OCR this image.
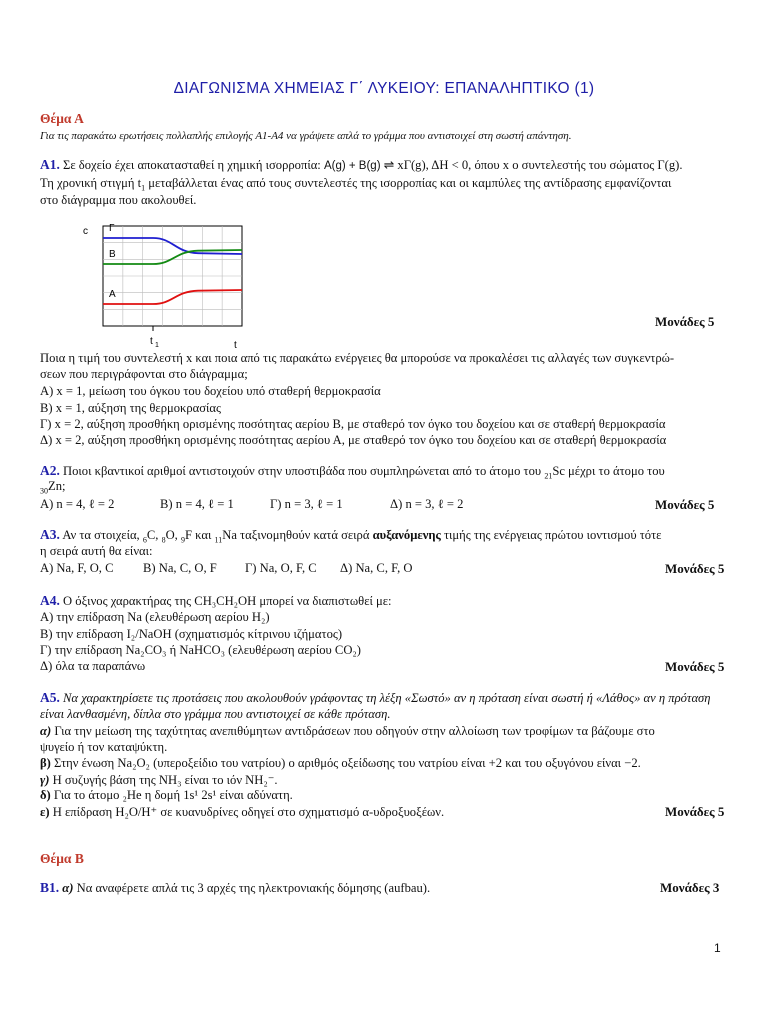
ΔΙΑΓΩΝΙΣΜΑ ΧΗΜΕΙΑΣ Γ΄ ΛΥΚΕΙΟΥ: ΕΠΑΝΑΛΗΠΤΙΚΟ (1)
Θέμα Α
Για τις παρακάτω ερωτήσεις πολλαπλής επιλογής Α1-Α4 να γράψετε απλά το γράμμα που αντιστοιχεί στη σωστή απάντηση.
Α1. Σε δοχείο έχει αποκατασταθεί η χημική ισορροπία: A(g) + B(g) ⇌ xΓ(g), ΔΗ < 0, όπου x ο συντελεστής του σώματος Γ(g).
Τη χρονική στιγμή $t_1$ μεταβάλλεται ένας από τους συντελεστές της ισορροπίας και οι καμπύλες της αντίδρασης εμφανίζονται
στο διάγραμμα που ακολουθεί.
Γ
Β
Α
c
t
t 1
Μονάδες 5
Ποια η τιμή του συντελεστή x και ποια από τις παρακάτω ενέργειες θα μπορούσε να προκαλέσει τις αλλαγές των συγκεντρώ-
σεων που περιγράφονται στο διάγραμμα;
Α) x = 1, μείωση του όγκου του δοχείου υπό σταθερή θερμοκρασία
Β) x = 1, αύξηση της θερμοκρασίας
Γ) x = 2, αύξηση προσθήκη ορισμένης ποσότητας αερίου Β, με σταθερό τον όγκο του δοχείου και σε σταθερή θερμοκρασία
Δ) x = 2, αύξηση προσθήκη ορισμένης ποσότητας αερίου Α, με σταθερό τον όγκο του δοχείου και σε σταθερή θερμοκρασία
Α2. Ποιοι κβαντικοί αριθμοί αντιστοιχούν στην υποστιβάδα που συμπληρώνεται από το άτομο του $_{21}$Sc μέχρι το άτομο του
$_{30}$Zn;
Α) n = 4, ℓ = 2	Β) n = 4, ℓ = 1	Γ) n = 3, ℓ = 1	Δ) n = 3, ℓ = 2	Μονάδες 5
Α3. Αν τα στοιχεία, $_6$C, $_8$O, $_9$F και $_{11}$Na ταξινομηθούν κατά σειρά αυξανόμενης τιμής της ενέργειας πρώτου ιοντισμού τότε
η σειρά αυτή θα είναι:
Α) Na, F, O, C Β) Na, C, O, F Γ) Na, O, F, C Δ) Na, C, F, O	Μονάδες 5
Α4. Ο όξινος χαρακτήρας της CH₃CH₂OH μπορεί να διαπιστωθεί με:
Α) την επίδραση Na (ελευθέρωση αερίου H₂)
Β) την επίδραση I₂/NaOH (σχηματισμός κίτρινου ιζήματος)
Γ) την επίδραση Na₂CO₃ ή NaHCO₃ (ελευθέρωση αερίου CO₂)
Δ) όλα τα παραπάνω	Μονάδες 5
Α5. Να χαρακτηρίσετε τις προτάσεις που ακολουθούν γράφοντας τη λέξη «Σωστό» αν η πρόταση είναι σωστή ή «Λάθος» αν η πρόταση
είναι λανθασμένη, δίπλα στο γράμμα που αντιστοιχεί σε κάθε πρόταση.
α) Για την μείωση της ταχύτητας ανεπιθύμητων αντιδράσεων που οδηγούν στην αλλοίωση των τροφίμων τα βάζουμε στο
ψυγείο ή τον καταψύκτη.
β) Στην ένωση Na₂O₂ (υπεροξείδιο του νατρίου) ο αριθμός οξείδωσης του νατρίου είναι +2 και του οξυγόνου είναι −2.
γ) Η συζυγής βάση της NH₃ είναι το ιόν NH₂⁻.
δ) Για το άτομο ₂He η δομή 1s¹ 2s¹ είναι αδύνατη.
ε) Η επίδραση H₂O/H⁺ σε κυανυδρίνες οδηγεί στο σχηματισμό α-υδροξυοξέων.	Μονάδες 5
Θέμα Β
Β1. α) Να αναφέρετε απλά τις 3 αρχές της ηλεκτρονιακής δόμησης (aufbau).	Μονάδες 3
1
